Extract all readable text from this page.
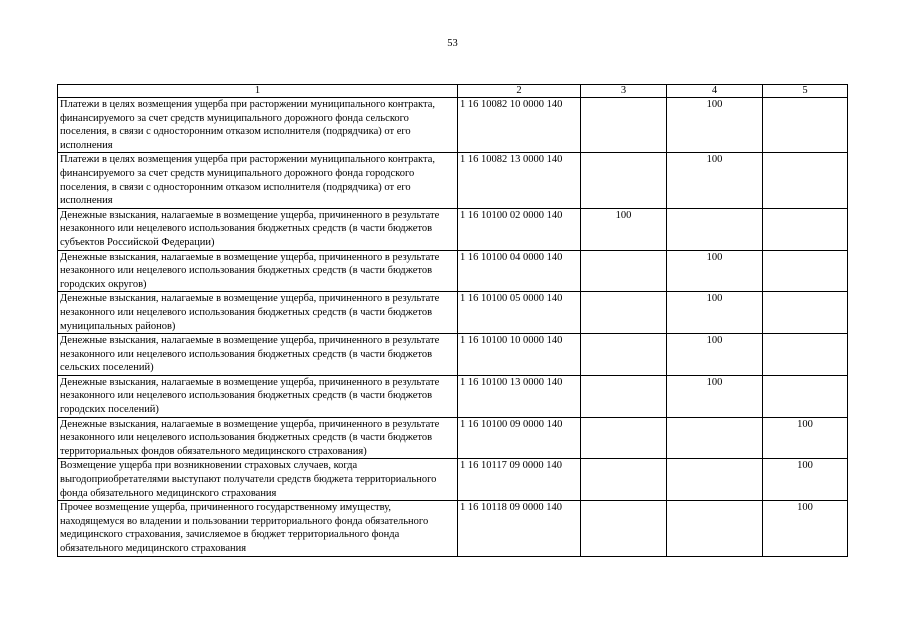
53
1	2	3	4	5
Платежи в целях возмещения ущерба при расторжении муниципального контракта, финансируемого за счет средств муниципального дорожного фонда сельского поселения, в связи с односторонним отказом исполнителя (подрядчика) от его исполнения	1 16 10082 10 0000 140		100	
Платежи в целях возмещения ущерба при расторжении муниципального контракта, финансируемого за счет средств муниципального дорожного фонда городского поселения, в связи с односторонним отказом исполнителя (подрядчика) от его исполнения	1 16 10082 13 0000 140		100	
Денежные взыскания, налагаемые в возмещение ущерба, причиненного в результате незаконного или нецелевого использования бюджетных средств (в части бюджетов субъектов Российской Федерации)	1 16 10100 02 0000 140	100		
Денежные взыскания, налагаемые в возмещение ущерба, причиненного в результате незаконного или нецелевого использования бюджетных средств (в части бюджетов городских округов)	1 16 10100 04 0000 140		100	
Денежные взыскания, налагаемые в возмещение ущерба, причиненного в результате незаконного или нецелевого использования бюджетных средств (в части бюджетов муниципальных районов)	1 16 10100 05 0000 140		100	
Денежные взыскания, налагаемые в возмещение ущерба, причиненного в результате незаконного или нецелевого использования бюджетных средств (в части бюджетов сельских поселений)	1 16 10100 10 0000 140		100	
Денежные взыскания, налагаемые в возмещение ущерба, причиненного в результате незаконного или нецелевого использования бюджетных средств (в части бюджетов городских поселений)	1 16 10100 13 0000 140		100	
Денежные взыскания, налагаемые в возмещение ущерба, причиненного в результате незаконного или нецелевого использования бюджетных средств (в части бюджетов территориальных фондов обязательного медицинского страхования)	1 16 10100 09 0000 140			100
Возмещение ущерба при возникновении страховых случаев, когда выгодоприобретателями выступают получатели средств бюджета территориального фонда обязательного медицинского страхования	1 16 10117 09 0000 140			100
Прочее возмещение ущерба, причиненного государственному имуществу, находящемуся во владении и пользовании территориального фонда обязательного медицинского страхования, зачисляемое в бюджет территориального фонда обязательного медицинского страхования	1 16 10118 09 0000 140			100
